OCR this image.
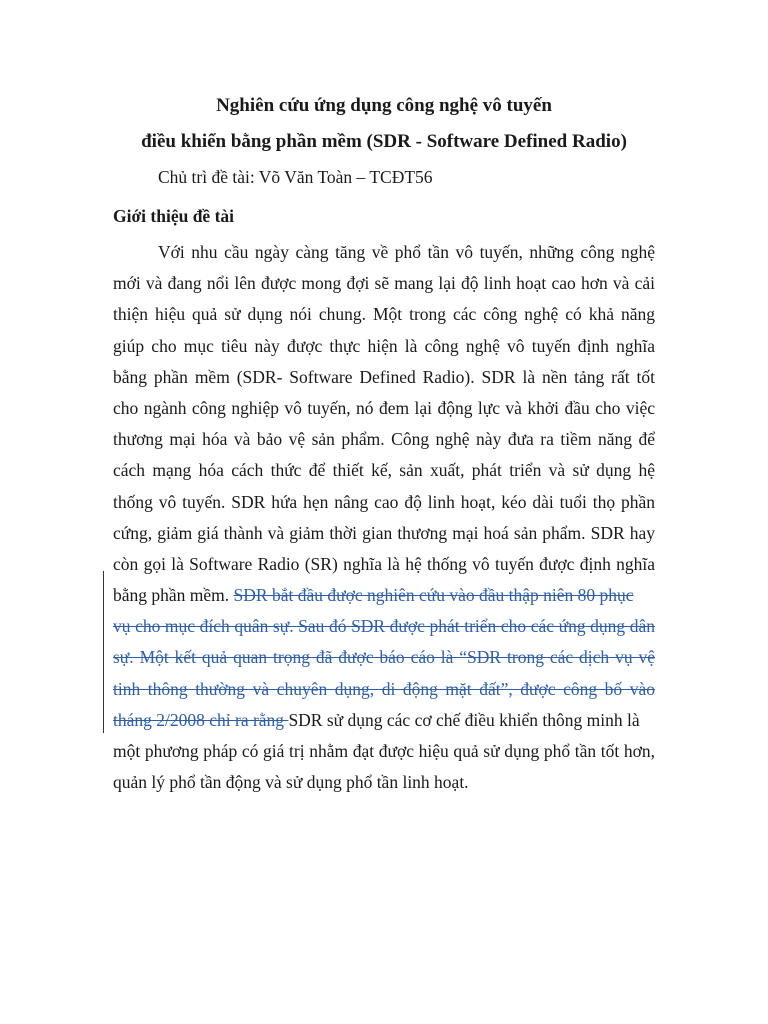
Nghiên cứu ứng dụng công nghệ vô tuyến
điều khiển bằng phần mềm (SDR - Software Defined Radio)
Chủ trì đề tài: Võ Văn Toàn – TCĐT56
Giới thiệu đề tài
Với nhu cầu ngày càng tăng về phổ tần vô tuyến, những công nghệ
mới và đang nổi lên được mong đợi sẽ mang lại độ linh hoạt cao hơn và cải
thiện hiệu quả sử dụng nói chung. Một trong các công nghệ có khả năng
giúp cho mục tiêu này được thực hiện là công nghệ vô tuyến định nghĩa
bằng phần mềm (SDR- Software Defined Radio). SDR là nền tảng rất tốt
cho ngành công nghiệp vô tuyến, nó đem lại động lực và khởi đầu cho việc
thương mại hóa và bảo vệ sản phẩm. Công nghệ này đưa ra tiềm năng để
cách mạng hóa cách thức để thiết kế, sản xuất, phát triển và sử dụng hệ
thống vô tuyến. SDR hứa hẹn nâng cao độ linh hoạt, kéo dài tuổi thọ phần
cứng, giảm giá thành và giảm thời gian thương mại hoá sản phẩm. SDR hay
còn gọi là Software Radio (SR) nghĩa là hệ thống vô tuyến được định nghĩa
bằng phần mềm. SDR bắt đầu được nghiên cứu vào đầu thập niên 80 phục
vụ cho mục đích quân sự. Sau đó SDR được phát triển cho các ứng dụng dân
sự. Một kết quả quan trọng đã được báo cáo là “SDR trong các dịch vụ vệ
tinh thông thường và chuyên dụng, di động mặt đất”, được công bố vào
tháng 2/2008 chỉ ra rằng SDR sử dụng các cơ chế điều khiển thông minh là
một phương pháp có giá trị nhằm đạt được hiệu quả sử dụng phổ tần tốt hơn,
quản lý phổ tần động và sử dụng phổ tần linh hoạt.
